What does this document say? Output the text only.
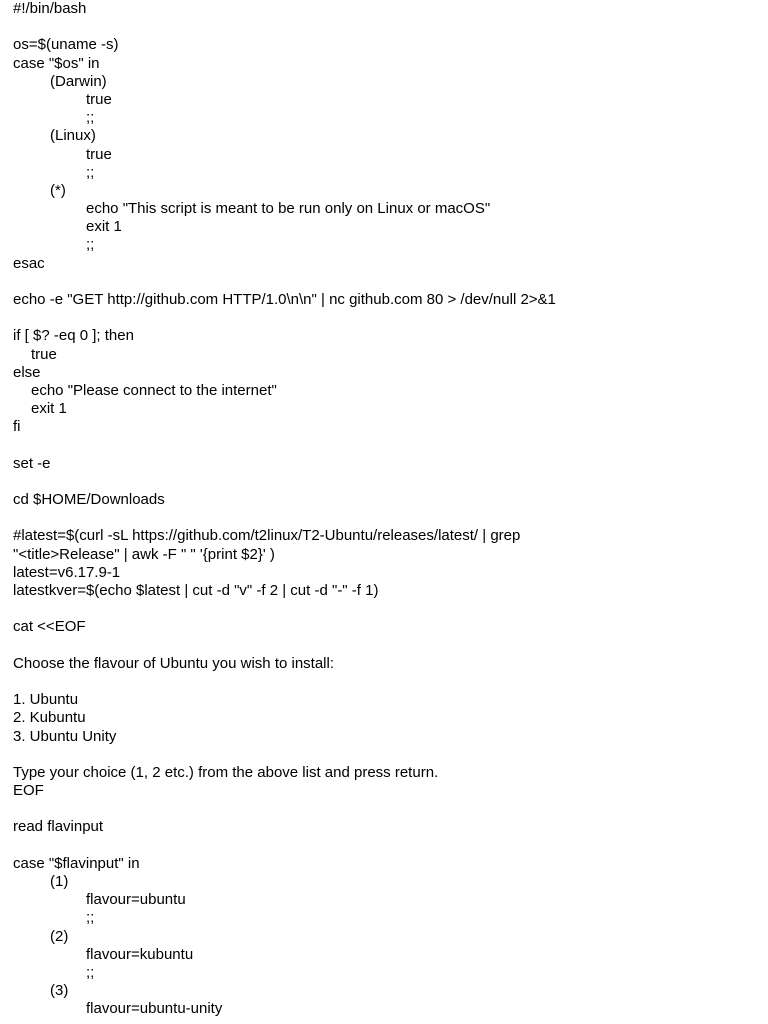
#!/bin/bash
os=$(uname -s)
case "$os" in
(Darwin)
true
;;
(Linux)
true
;;
(*)
echo "This script is meant to be run only on Linux or macOS"
exit 1
;;
esac
echo -e "GET http://github.com HTTP/1.0\n\n" | nc github.com 80 > /dev/null 2>&1
if [ $? -eq 0 ]; then
true
else
echo "Please connect to the internet"
exit 1
fi
set -e
cd $HOME/Downloads
#latest=$(curl -sL https://github.com/t2linux/T2-Ubuntu/releases/latest/ | grep
"<title>Release" | awk -F " " '{print $2}' )
latest=v6.17.9-1
latestkver=$(echo $latest | cut -d "v" -f 2 | cut -d "-" -f 1)
cat <<EOF
Choose the flavour of Ubuntu you wish to install:
1. Ubuntu
2. Kubuntu
3. Ubuntu Unity
Type your choice (1, 2 etc.) from the above list and press return.
EOF
read flavinput
case "$flavinput" in
(1)
flavour=ubuntu
;;
(2)
flavour=kubuntu
;;
(3)
flavour=ubuntu-unity
